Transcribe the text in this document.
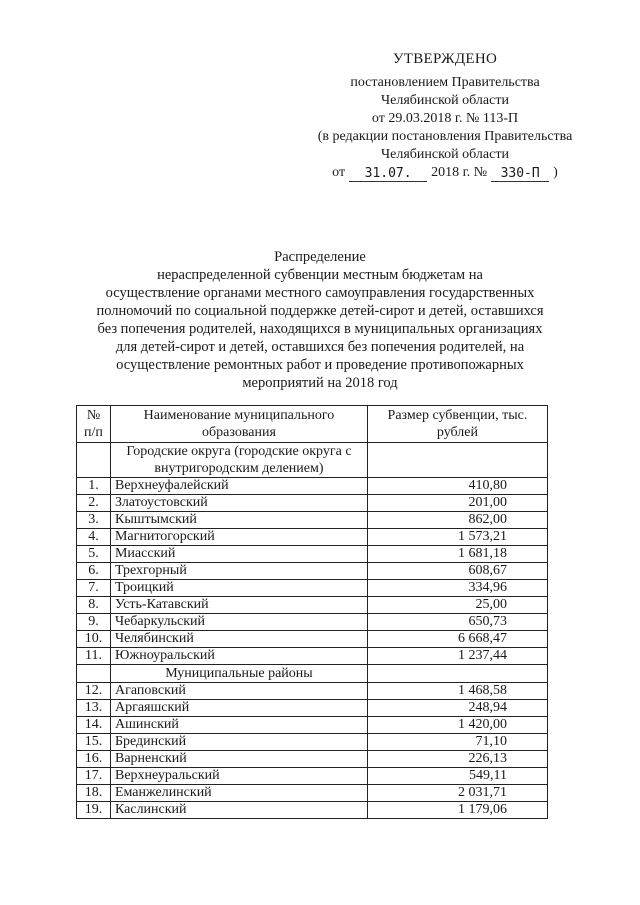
УТВЕРЖДЕНО
постановлением Правительства
Челябинской области
от 29.03.2018 г. № 113-П
(в редакции постановления Правительства
Челябинской области
от	31.07.	2018 г. №	330-П )
Распределение
нераспределенной субвенции местным бюджетам на
осуществление органами местного самоуправления государственных
полномочий по социальной поддержке детей-сирот и детей, оставшихся
без попечения родителей, находящихся в муниципальных организациях
для детей-сирот и детей, оставшихся без попечения родителей, на
осуществление ремонтных работ и проведение противопожарных
мероприятий на 2018 год
№ п/п	Наименование муниципального образования	Размер субвенции, тыс. рублей
	Городские округа (городские округа с внутригородским делением)	
1.	Верхнеуфалейский	410,80
2.	Златоустовский	201,00
3.	Кыштымский	862,00
4.	Магнитогорский	1 573,21
5.	Миасский	1 681,18
6.	Трехгорный	608,67
7.	Троицкий	334,96
8.	Усть-Катавский	25,00
9.	Чебаркульский	650,73
10.	Челябинский	6 668,47
11.	Южноуральский	1 237,44
	Муниципальные районы	
12.	Агаповский	1 468,58
13.	Аргаяшский	248,94
14.	Ашинский	1 420,00
15.	Брединский	71,10
16.	Варненский	226,13
17.	Верхнеуральский	549,11
18.	Еманжелинский	2 031,71
19.	Каслинский	1 179,06
